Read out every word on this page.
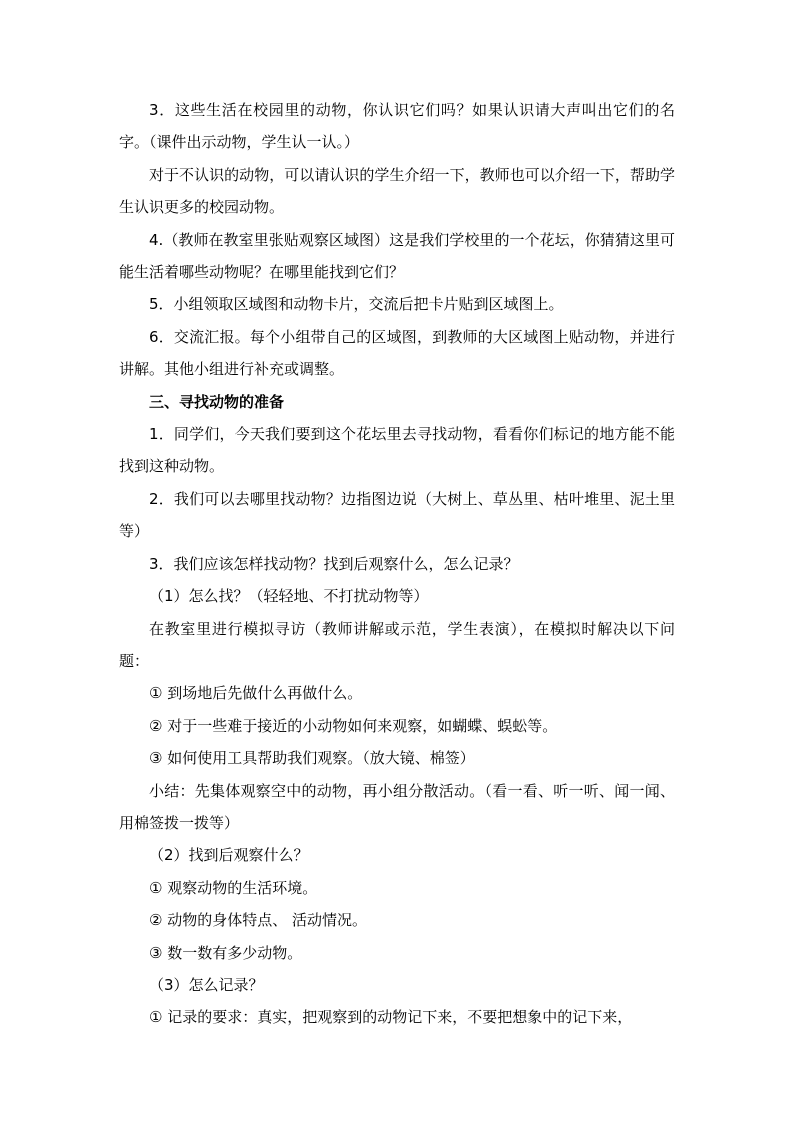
3．这些生活在校园里的动物，你认识它们吗？如果认识请大声叫出它们的名字。（课件出示动物，学生认一认。）

对于不认识的动物，可以请认识的学生介绍一下，教师也可以介绍一下，帮助学生认识更多的校园动物。

4.（教师在教室里张贴观察区域图）这是我们学校里的一个花坛，你猜猜这里可能生活着哪些动物呢？在哪里能找到它们？

5．小组领取区域图和动物卡片，交流后把卡片贴到区域图上。

6．交流汇报。每个小组带自己的区域图，到教师的大区域图上贴动物，并进行讲解。其他小组进行补充或调整。

三、寻找动物的准备

1．同学们，今天我们要到这个花坛里去寻找动物，看看你们标记的地方能不能找到这种动物。

2．我们可以去哪里找动物？边指图边说（大树上、草丛里、枯叶堆里、泥土里等）

3．我们应该怎样找动物？找到后观察什么，怎么记录？

（1）怎么找？（轻轻地、不打扰动物等）

在教室里进行模拟寻访（教师讲解或示范，学生表演），在模拟时解决以下问题：

① 到场地后先做什么再做什么。

② 对于一些难于接近的小动物如何来观察，如蝴蝶、蜈蚣等。

③ 如何使用工具帮助我们观察。（放大镜、棉签）

小结：先集体观察空中的动物，再小组分散活动。（看一看、听一听、闻一闻、用棉签拨一拨等）

（2）找到后观察什么？

① 观察动物的生活环境。

② 动物的身体特点、 活动情况。

③ 数一数有多少动物。

（3）怎么记录？

① 记录的要求：真实，把观察到的动物记下来，不要把想象中的记下来，
